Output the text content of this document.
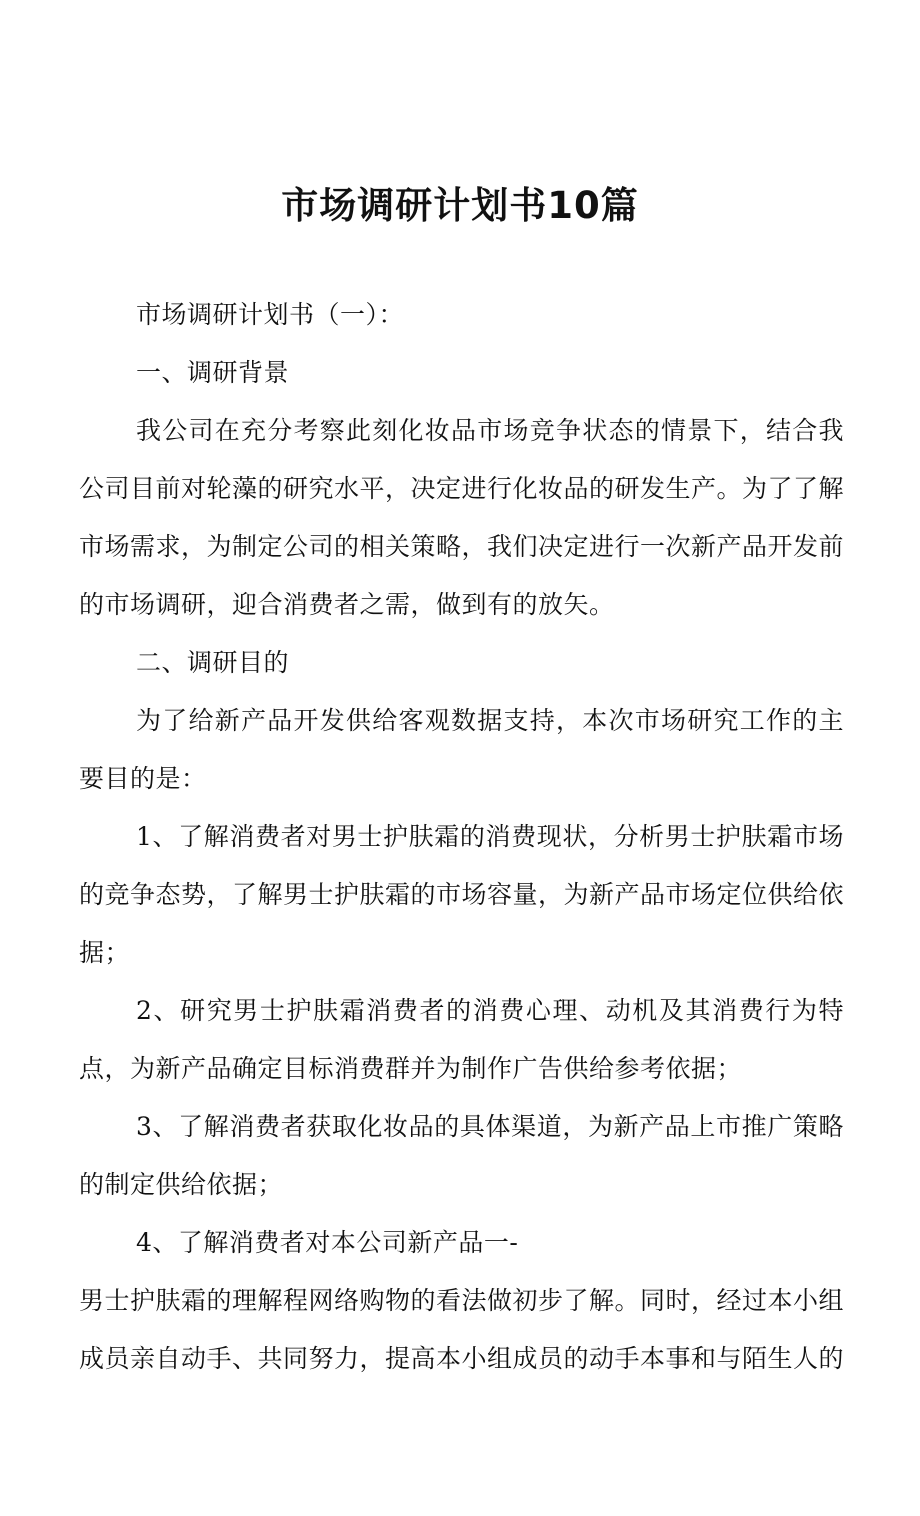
市场调研计划书10篇

市场调研计划书（一）：

一、调研背景

我公司在充分考察此刻化妆品市场竞争状态的情景下，结合我公司目前对轮藻的研究水平，决定进行化妆品的研发生产。为了了解市场需求，为制定公司的相关策略，我们决定进行一次新产品开发前的市场调研，迎合消费者之需，做到有的放矢。

二、调研目的

为了给新产品开发供给客观数据支持，本次市场研究工作的主要目的是：

1、了解消费者对男士护肤霜的消费现状，分析男士护肤霜市场的竞争态势，了解男士护肤霜的市场容量，为新产品市场定位供给依据；

2、研究男士护肤霜消费者的消费心理、动机及其消费行为特点，为新产品确定目标消费群并为制作广告供给参考依据；

3、了解消费者获取化妆品的具体渠道，为新产品上市推广策略的制定供给依据；

4、了解消费者对本公司新产品一-

男士护肤霜的理解程网络购物的看法做初步了解。同时，经过本小组成员亲自动手、共同努力，提高本小组成员的动手本事和与陌生人的
